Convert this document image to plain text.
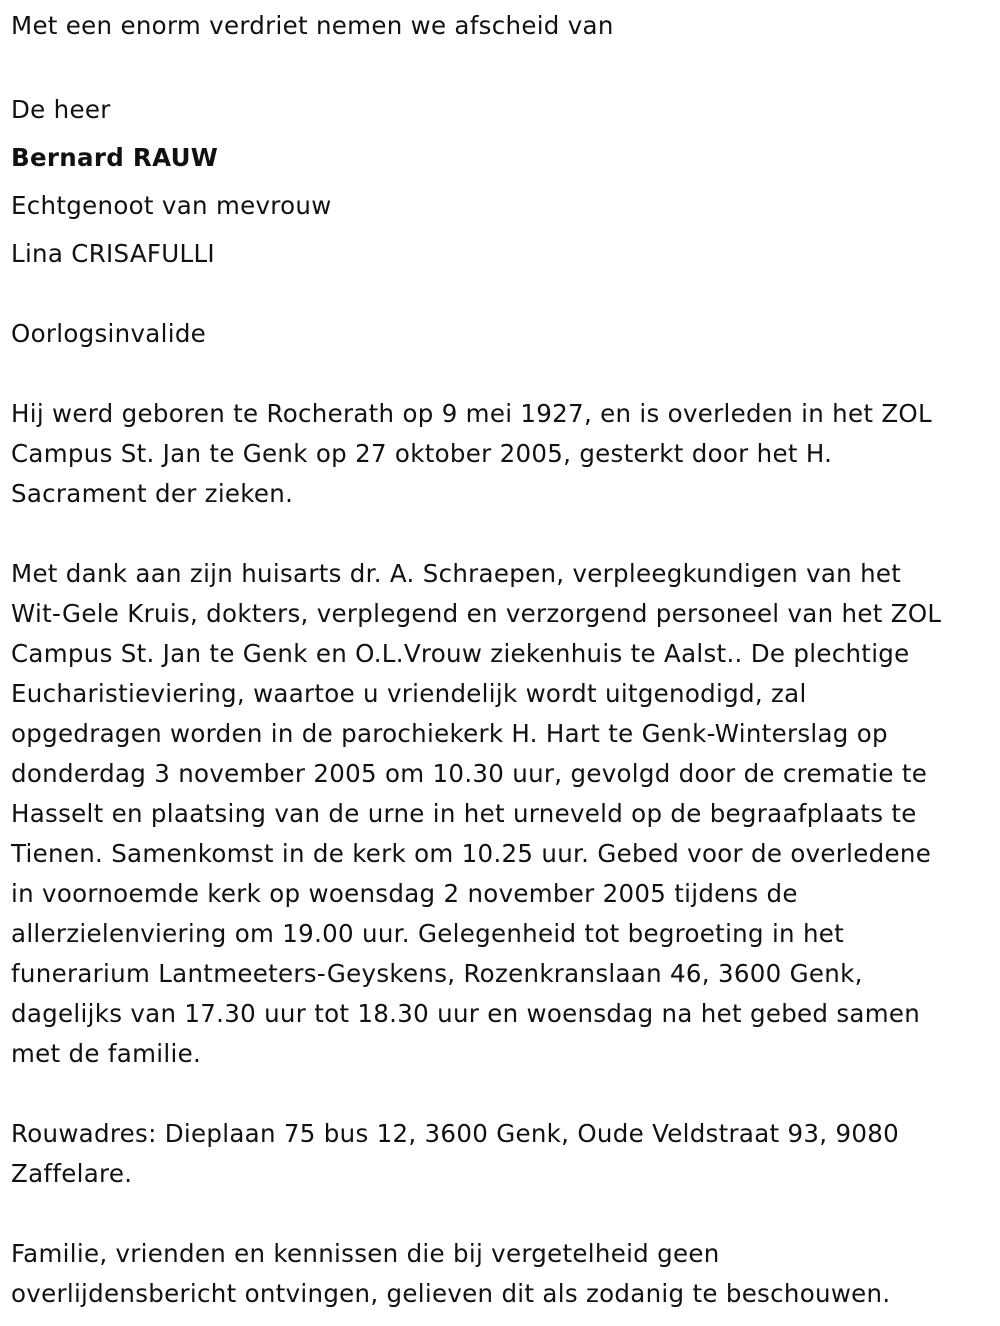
Met een enorm verdriet nemen we afscheid van
De heer
Bernard RAUW
Echtgenoot van mevrouw
Lina CRISAFULLI
Oorlogsinvalide
Hij werd geboren te Rocherath op 9 mei 1927, en is overleden in het ZOL
Campus St. Jan te Genk op 27 oktober 2005, gesterkt door het H.
Sacrament der zieken.
Met dank aan zijn huisarts dr. A. Schraepen, verpleegkundigen van het
Wit-Gele Kruis, dokters, verplegend en verzorgend personeel van het ZOL
Campus St. Jan te Genk en O.L.Vrouw ziekenhuis te Aalst.. De plechtige
Eucharistieviering, waartoe u vriendelijk wordt uitgenodigd, zal
opgedragen worden in de parochiekerk H. Hart te Genk-Winterslag op
donderdag 3 november 2005 om 10.30 uur, gevolgd door de crematie te
Hasselt en plaatsing van de urne in het urneveld op de begraafplaats te
Tienen. Samenkomst in de kerk om 10.25 uur. Gebed voor de overledene
in voornoemde kerk op woensdag 2 november 2005 tijdens de
allerzielenviering om 19.00 uur. Gelegenheid tot begroeting in het
funerarium Lantmeeters-Geyskens, Rozenkranslaan 46, 3600 Genk,
dagelijks van 17.30 uur tot 18.30 uur en woensdag na het gebed samen
met de familie.
Rouwadres: Dieplaan 75 bus 12, 3600 Genk, Oude Veldstraat 93, 9080
Zaffelare.
Familie, vrienden en kennissen die bij vergetelheid geen
overlijdensbericht ontvingen, gelieven dit als zodanig te beschouwen.
